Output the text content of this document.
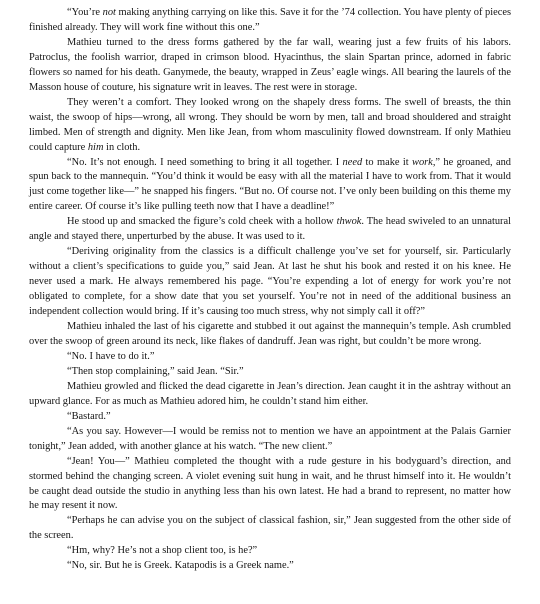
“You’re not making anything carrying on like this. Save it for the ’74 collection. You have plenty of pieces finished already. They will work fine without this one.”

Mathieu turned to the dress forms gathered by the far wall, wearing just a few fruits of his labors. Patroclus, the foolish warrior, draped in crimson blood. Hyacinthus, the slain Spartan prince, adorned in fabric flowers so named for his death. Ganymede, the beauty, wrapped in Zeus’ eagle wings. All bearing the laurels of the Masson house of couture, his signature writ in leaves. The rest were in storage.

They weren’t a comfort. They looked wrong on the shapely dress forms. The swell of breasts, the thin waist, the swoop of hips—wrong, all wrong. They should be worn by men, tall and broad shouldered and straight limbed. Men of strength and dignity. Men like Jean, from whom masculinity flowed downstream. If only Mathieu could capture him in cloth.

“No. It’s not enough. I need something to bring it all together. I need to make it work,” he groaned, and spun back to the mannequin. “You’d think it would be easy with all the material I have to work from. That it would just come together like—” he snapped his fingers. “But no. Of course not. I’ve only been building on this theme my entire career. Of course it’s like pulling teeth now that I have a deadline!”

He stood up and smacked the figure’s cold cheek with a hollow thwok. The head swiveled to an unnatural angle and stayed there, unperturbed by the abuse. It was used to it.

“Deriving originality from the classics is a difficult challenge you’ve set for yourself, sir. Particularly without a client’s specifications to guide you,” said Jean. At last he shut his book and rested it on his knee. He never used a mark. He always remembered his page. “You’re expending a lot of energy for work you’re not obligated to complete, for a show date that you set yourself. You’re not in need of the additional business an independent collection would bring. If it’s causing too much stress, why not simply call it off?”

Mathieu inhaled the last of his cigarette and stubbed it out against the mannequin’s temple. Ash crumbled over the swoop of green around its neck, like flakes of dandruff. Jean was right, but couldn’t be more wrong.

“No. I have to do it.”

“Then stop complaining,” said Jean. “Sir.”

Mathieu growled and flicked the dead cigarette in Jean’s direction. Jean caught it in the ashtray without an upward glance. For as much as Mathieu adored him, he couldn’t stand him either.

“Bastard.”

“As you say. However—I would be remiss not to mention we have an appointment at the Palais Garnier tonight,” Jean added, with another glance at his watch. “The new client.”

“Jean! You—” Mathieu completed the thought with a rude gesture in his bodyguard’s direction, and stormed behind the changing screen. A violet evening suit hung in wait, and he thrust himself into it. He wouldn’t be caught dead outside the studio in anything less than his own latest. He had a brand to represent, no matter how he may resent it now.

“Perhaps he can advise you on the subject of classical fashion, sir,” Jean suggested from the other side of the screen.

“Hm, why? He’s not a shop client too, is he?”

“No, sir. But he is Greek. Katapodis is a Greek name.”
